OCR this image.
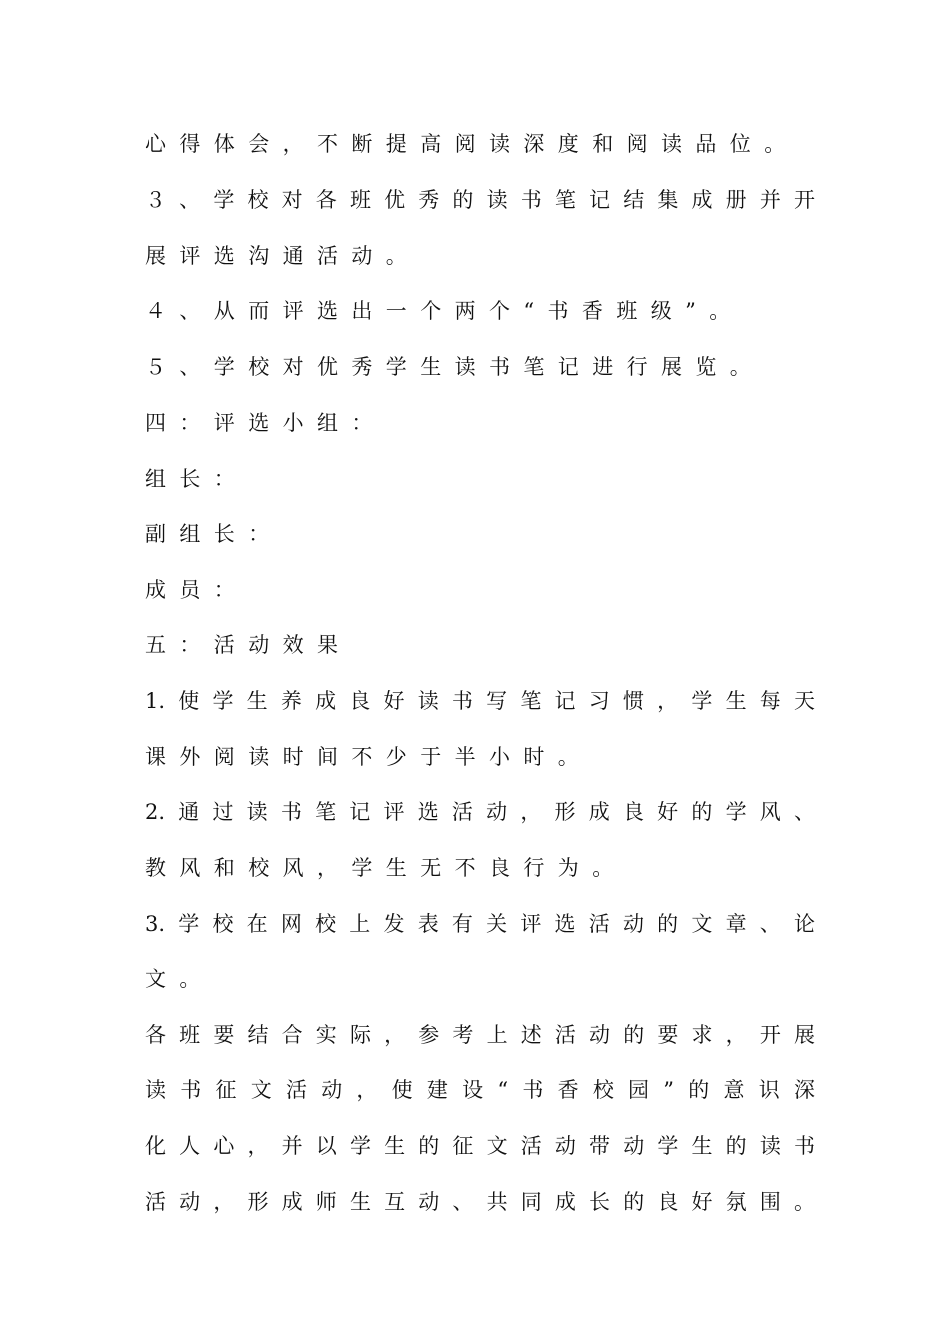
心得体会，不断提高阅读深度和阅读品位。
３、学校对各班优秀的读书笔记结集成册并开
展评选沟通活动。
４、从而评选出一个两个“书香班级”。
５、学校对优秀学生读书笔记进行展览。
四：评选小组：
组长：
副组长：
成员：
五：活动效果
1.使学生养成良好读书写笔记习惯，学生每天
课外阅读时间不少于半小时。
2.通过读书笔记评选活动，形成良好的学风、
教风和校风，学生无不良行为。
3.学校在网校上发表有关评选活动的文章、论
文。
各班要结合实际，参考上述活动的要求，开展
读书征文活动，使建设“书香校园”的意识深
化人心，并以学生的征文活动带动学生的读书
活动，形成师生互动、共同成长的良好氛围。
